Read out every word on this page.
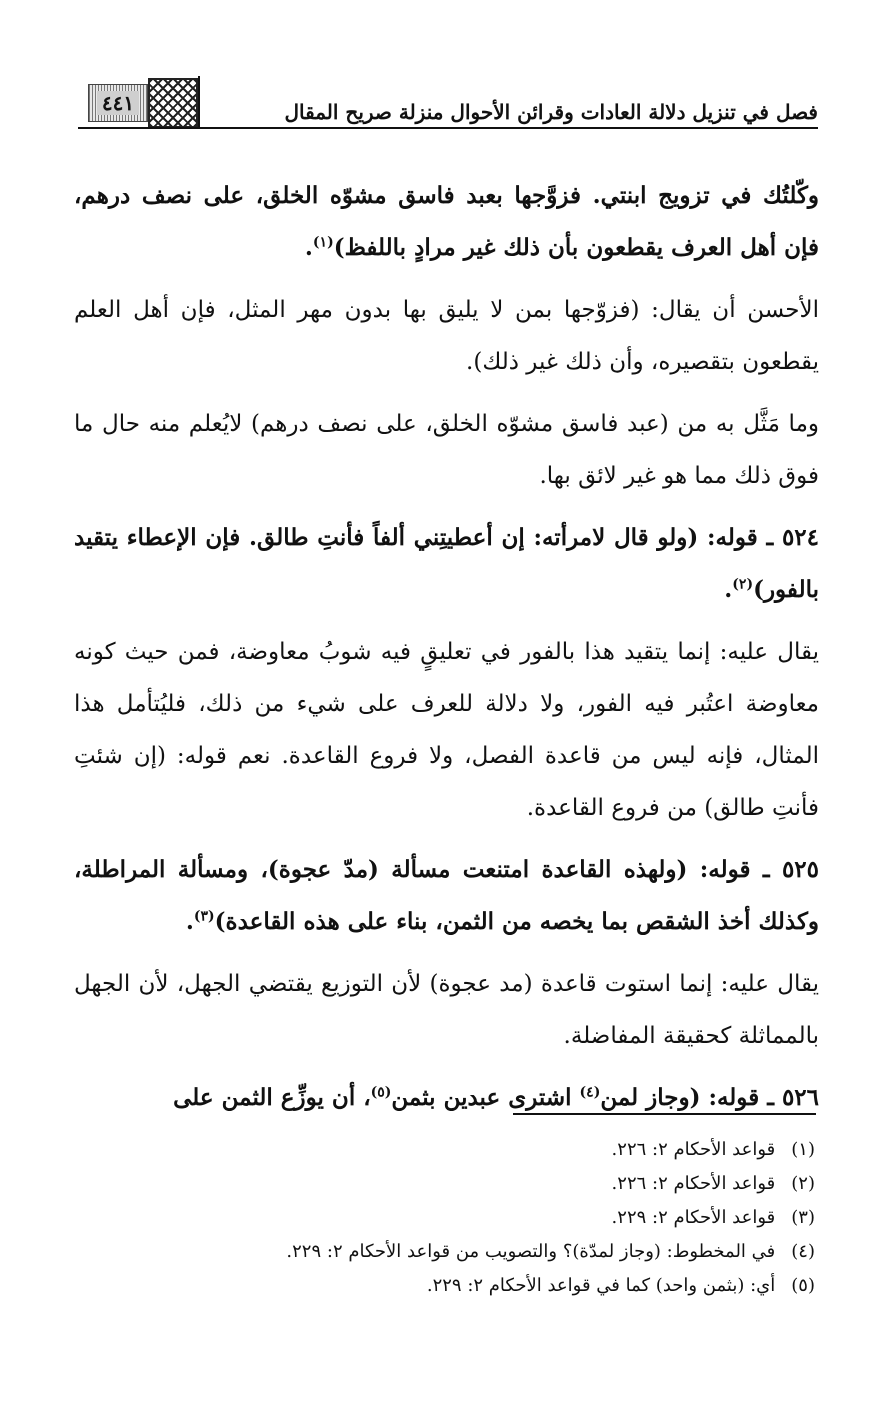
٤٤١	فصل في تنزيل دلالة العادات وقرائن الأحوال منزلة صريح المقال

وكّلتُك في تزويج ابنتي. فزوَّجها بعبد فاسق مشوّه الخلق، على نصف درهم، فإن أهل العرف يقطعون بأن ذلك غير مرادٍ باللفظ)$^{(١)}$.

الأحسن أن يقال: (فزوّجها بمن لا يليق بها بدون مهر المثل، فإن أهل العلم يقطعون بتقصيره، وأن ذلك غير ذلك).

وما مَثَّل به من (عبد فاسق مشوّه الخلق، على نصف درهم) لايُعلم منه حال ما فوق ذلك مما هو غير لائق بها.

٥٢٤ ـ قوله: (ولو قال لامرأته: إن أعطيتِني ألفاً فأنتِ طالق. فإن الإعطاء يتقيد بالفور)$^{(٢)}$.

يقال عليه: إنما يتقيد هذا بالفور في تعليقٍ فيه شوبُ معاوضة، فمن حيث كونه معاوضة اعتُبر فيه الفور، ولا دلالة للعرف على شيء من ذلك، فليُتأمل هذا المثال، فإنه ليس من قاعدة الفصل، ولا فروع القاعدة. نعم قوله: (إن شئتِ فأنتِ طالق) من فروع القاعدة.

٥٢٥ ـ قوله: (ولهذه القاعدة امتنعت مسألة (مدّ عجوة)، ومسألة المراطلة، وكذلك أخذ الشقص بما يخصه من الثمن، بناء على هذه القاعدة)$^{(٣)}$.

يقال عليه: إنما استوت قاعدة (مد عجوة) لأن التوزيع يقتضي الجهل، لأن الجهل بالمماثلة كحقيقة المفاضلة.

٥٢٦ ـ قوله: (وجاز لمن$^{(٤)}$ اشترى عبدين بثمن$^{(٥)}$، أن يوزِّع الثمن على

(١)قواعد الأحكام ٢: ٢٢٦.
(٢)قواعد الأحكام ٢: ٢٢٦.
(٣)قواعد الأحكام ٢: ٢٢٩.
(٤)في المخطوط: (وجاز لمدّة)؟ والتصويب من قواعد الأحكام ٢: ٢٢٩.
(٥)أي: (بثمن واحد) كما في قواعد الأحكام ٢: ٢٢٩.
